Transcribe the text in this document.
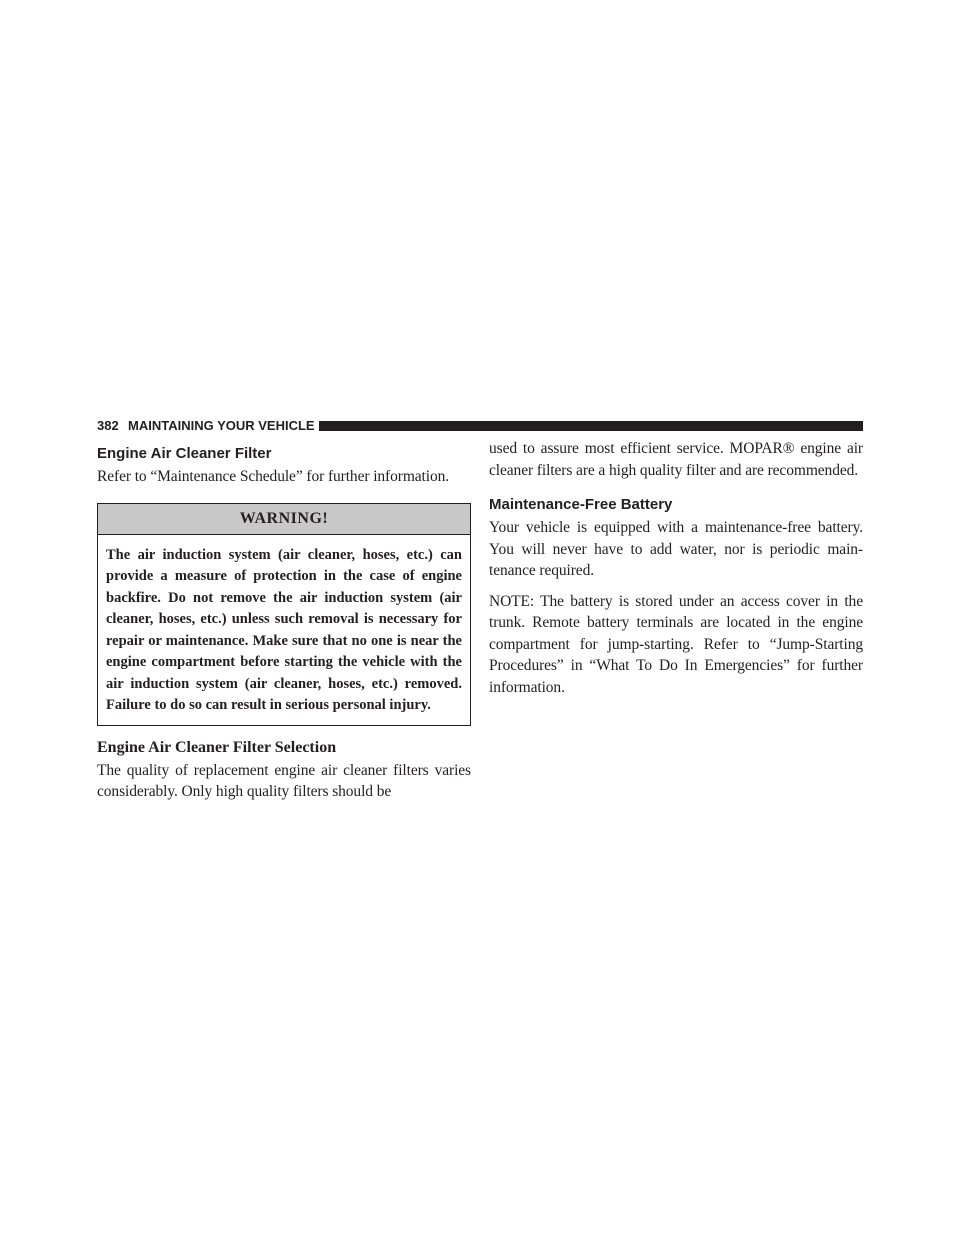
382 MAINTAINING YOUR VEHICLE
Engine Air Cleaner Filter

Refer to “Maintenance Schedule” for further information.

WARNING!
The air induction system (air cleaner, hoses, etc.) can provide a measure of protection in the case of engine backfire. Do not remove the air induction system (air cleaner, hoses, etc.) unless such removal is necessary for repair or maintenance. Make sure that no one is near the engine compartment before starting the vehicle with the air induction system (air cleaner, hoses, etc.) removed. Failure to do so can result in serious personal injury.
Engine Air Cleaner Filter Selection

The quality of replacement engine air cleaner filters varies considerably. Only high quality filters should be

used to assure most efficient service. MOPAR® engine air cleaner filters are a high quality filter and are recommended.

Maintenance-Free Battery

Your vehicle is equipped with a maintenance-free battery. You will never have to add water, nor is periodic main-tenance required.

NOTE: The battery is stored under an access cover in the trunk. Remote battery terminals are located in the engine compartment for jump-starting. Refer to “Jump-Starting Procedures” in “What To Do In Emergencies” for further information.
